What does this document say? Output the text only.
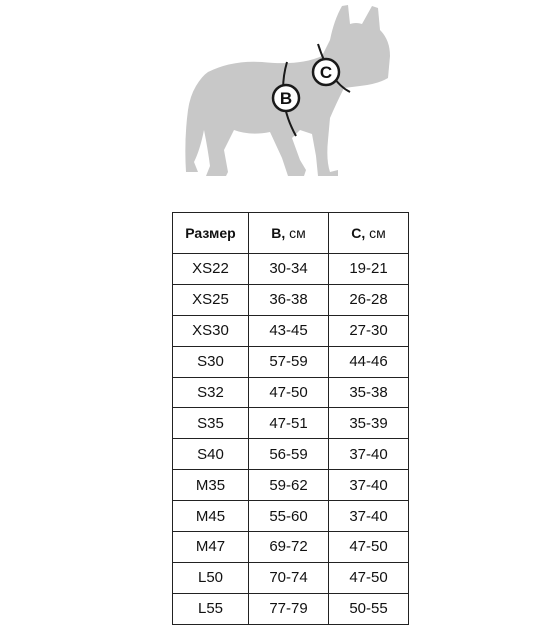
B
C
Размер	B, см	C, см
XS22	30-34	19-21
XS25	36-38	26-28
XS30	43-45	27-30
S30	57-59	44-46
S32	47-50	35-38
S35	47-51	35-39
S40	56-59	37-40
M35	59-62	37-40
M45	55-60	37-40
M47	69-72	47-50
L50	70-74	47-50
L55	77-79	50-55
